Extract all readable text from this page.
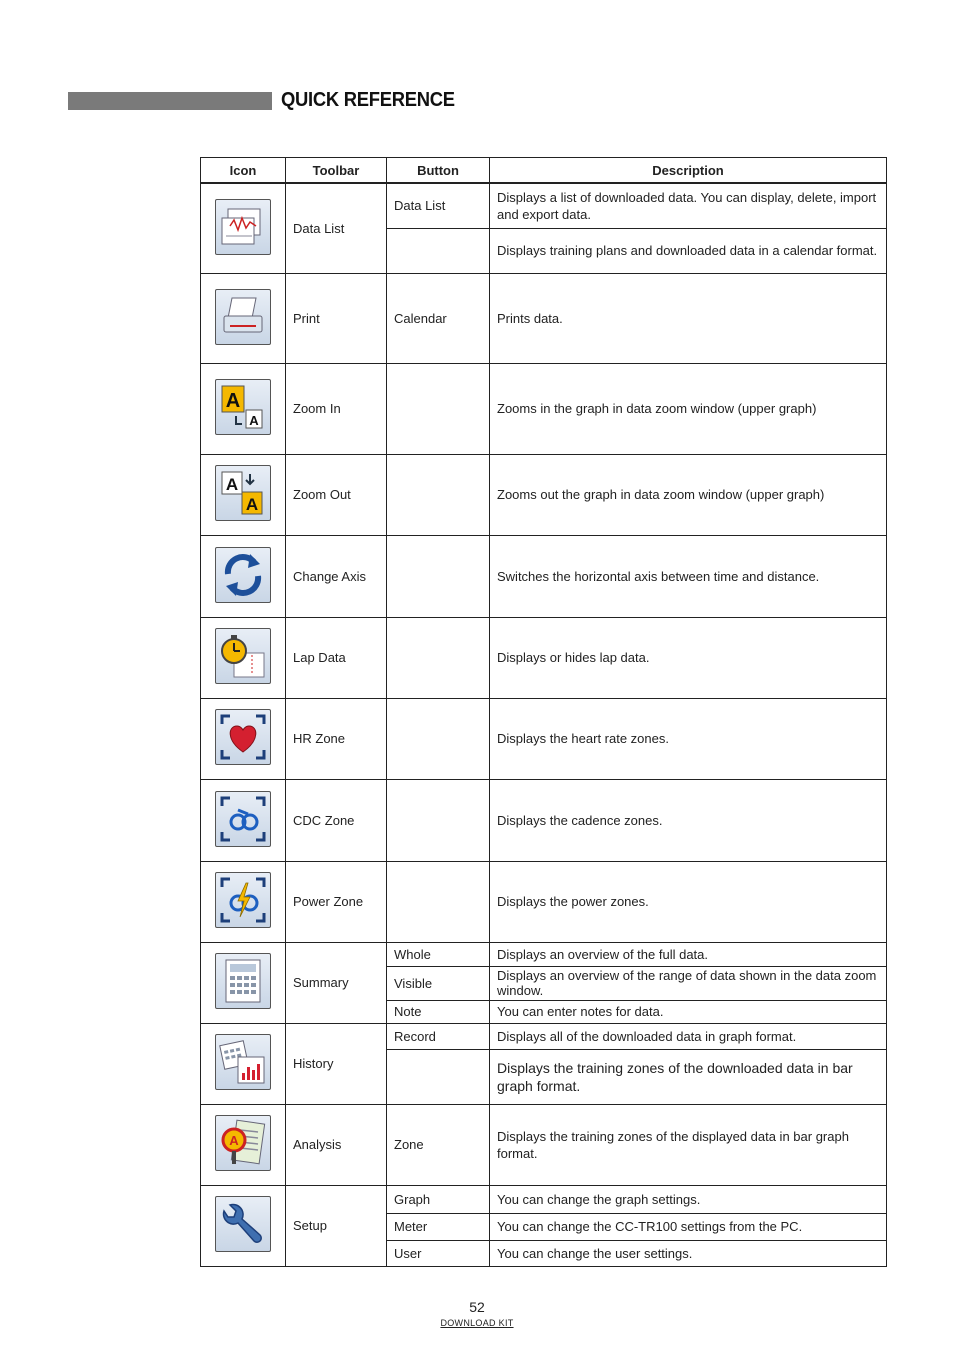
QUICK REFERENCE
Icon	Toolbar	Button	Description

	Data List	Data List	Displays a list of downloaded data. You can display, delete, import and export data.
			Displays training plans and downloaded data in a calendar format.

	Print	Calendar	Prints data.

A
A	Zoom In		Zooms in the graph in data zoom window (upper graph)

A
A	Zoom Out		Zooms out the graph in data zoom window (upper graph)

	Change Axis		Switches the horizontal axis between time and distance.

	Lap Data		Displays or hides lap data.

	HR Zone		Displays the heart rate zones.

	CDC Zone		Displays the cadence zones.

	Power Zone		Displays the power zones.

	Summary	Whole	Displays an overview of the full data.
		Visible	Displays an overview of the range of data shown in the data zoom window.
		Note	You can enter notes for data.

	History	Record	Displays all of the downloaded data in graph format.
			Displays the training zones of the downloaded data in bar graph format.

A	Analysis	Zone	Displays the training zones of the displayed data in bar graph format.

	Setup	Graph	You can change the graph settings.
		Meter	You can change the CC-TR100 settings from the PC.
		User	You can change the user settings.
52
DOWNLOAD KIT
